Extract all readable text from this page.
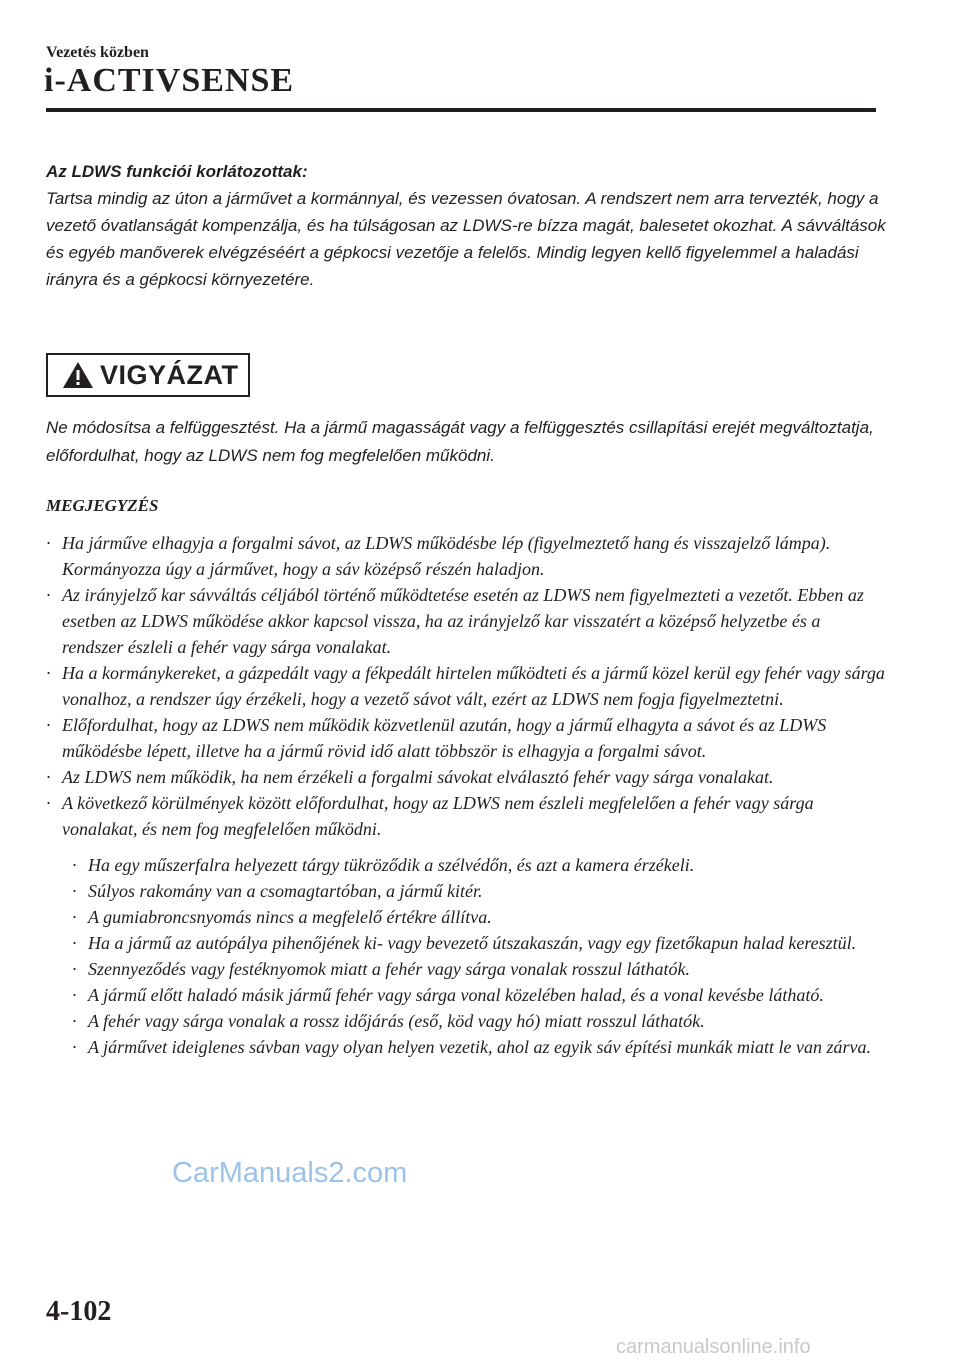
Vezetés közben
i-ACTIVSENSE
Az LDWS funkciói korlátozottak:
Tartsa mindig az úton a járművet a kormánnyal, és vezessen óvatosan. A rendszert nem arra tervezték, hogy a vezető óvatlanságát kompenzálja, és ha túlságosan az LDWS-re bízza magát, balesetet okozhat. A sávváltások és egyéb manőverek elvégzéséért a gépkocsi vezetője a felelős. Mindig legyen kellő figyelemmel a haladási irányra és a gépkocsi környezetére.
VIGYÁZAT
Ne módosítsa a felfüggesztést. Ha a jármű magasságát vagy a felfüggesztés csillapítási erejét megváltoztatja, előfordulhat, hogy az LDWS nem fog megfelelően működni.
MEGJEGYZÉS
· Ha járműve elhagyja a forgalmi sávot, az LDWS működésbe lép (figyelmeztető hang és visszajelző lámpa). Kormányozza úgy a járművet, hogy a sáv középső részén haladjon.
· Az irányjelző kar sávváltás céljából történő működtetése esetén az LDWS nem figyelmezteti a vezetőt. Ebben az esetben az LDWS működése akkor kapcsol vissza, ha az irányjelző kar visszatért a középső helyzetbe és a rendszer észleli a fehér vagy sárga vonalakat.
· Ha a kormánykereket, a gázpedált vagy a fékpedált hirtelen működteti és a jármű közel kerül egy fehér vagy sárga vonalhoz, a rendszer úgy érzékeli, hogy a vezető sávot vált, ezért az LDWS nem fogja figyelmeztetni.
· Előfordulhat, hogy az LDWS nem működik közvetlenül azután, hogy a jármű elhagyta a sávot és az LDWS működésbe lépett, illetve ha a jármű rövid idő alatt többször is elhagyja a forgalmi sávot.
· Az LDWS nem működik, ha nem érzékeli a forgalmi sávokat elválasztó fehér vagy sárga vonalakat.
· A következő körülmények között előfordulhat, hogy az LDWS nem észleli megfelelően a fehér vagy sárga vonalakat, és nem fog megfelelően működni.
· Ha egy műszerfalra helyezett tárgy tükröződik a szélvédőn, és azt a kamera érzékeli.
· Súlyos rakomány van a csomagtartóban, a jármű kitér.
· A gumiabroncsnyomás nincs a megfelelő értékre állítva.
· Ha a jármű az autópálya pihenőjének ki- vagy bevezető útszakaszán, vagy egy fizetőkapun halad keresztül.
· Szennyeződés vagy festéknyomok miatt a fehér vagy sárga vonalak rosszul láthatók.
· A jármű előtt haladó másik jármű fehér vagy sárga vonal közelében halad, és a vonal kevésbe látható.
· A fehér vagy sárga vonalak a rossz időjárás (eső, köd vagy hó) miatt rosszul láthatók.
· A járművet ideiglenes sávban vagy olyan helyen vezetik, ahol az egyik sáv építési munkák miatt le van zárva.
CarManuals2.com
4-102
carmanualsonline.info
